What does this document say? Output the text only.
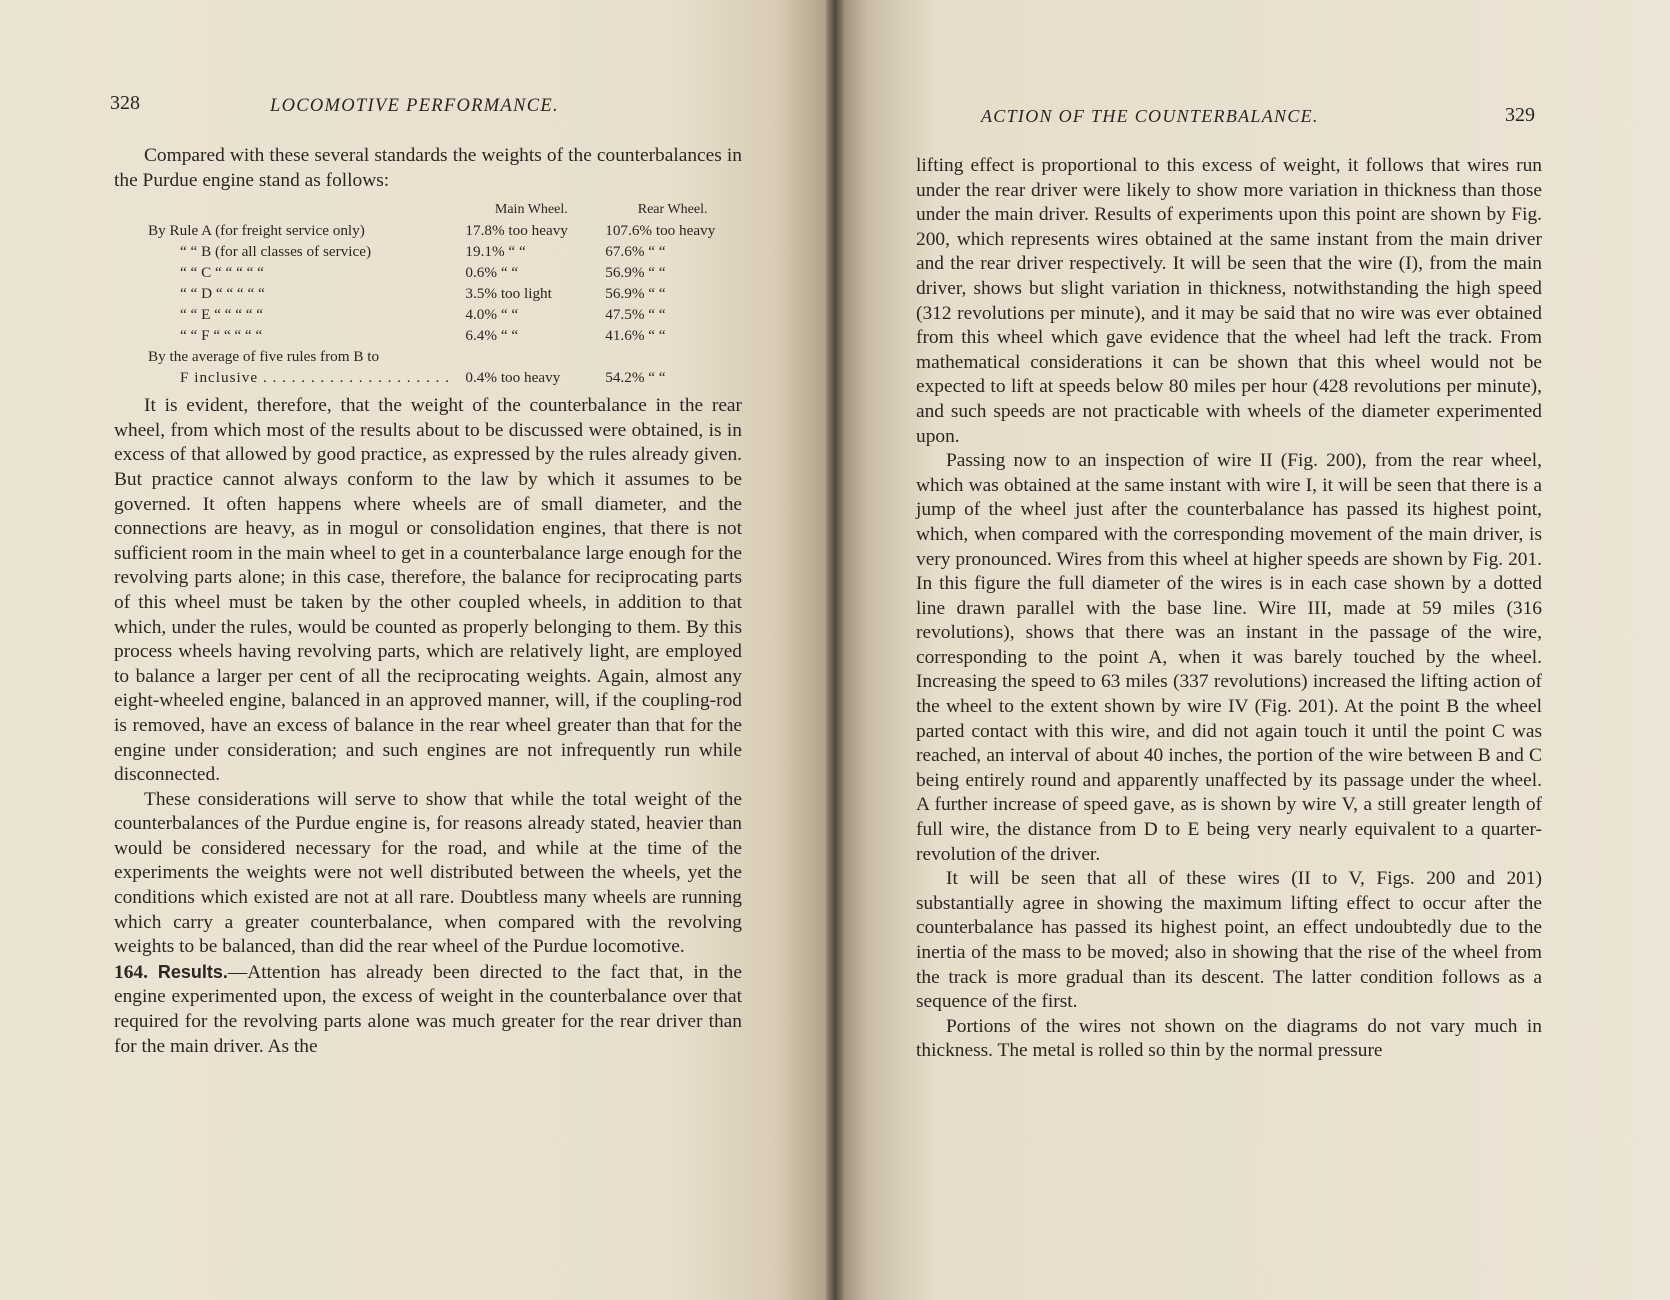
328	LOCOMOTIVE PERFORMANCE.

Compared with these several standards the weights of the counterbalances in the Purdue engine stand as follows:

	Main Wheel.	Rear Wheel.
By Rule A (for freight service only)	17.8% too heavy	107.6% too heavy
“ “ B (for all classes of service)	19.1% “ “	67.6% “ “
“ “ C “ “ “ “ “	0.6% “ “	56.9% “ “
“ “ D “ “ “ “ “	3.5% too light	56.9% “ “
“ “ E “ “ “ “ “	4.0% “ “	47.5% “ “
“ “ F “ “ “ “ “	6.4% “ “	41.6% “ “
By the average of five rules from B to		
F inclusive . . . . . . . . . . . . . . . . . . . .	0.4% too heavy	54.2% “ “

It is evident, therefore, that the weight of the counterbalance in the rear wheel, from which most of the results about to be discussed were obtained, is in excess of that allowed by good practice, as expressed by the rules already given. But practice cannot always conform to the law by which it assumes to be governed. It often happens where wheels are of small diameter, and the connections are heavy, as in mogul or consolidation engines, that there is not sufficient room in the main wheel to get in a counterbalance large enough for the revolving parts alone; in this case, therefore, the balance for reciprocating parts of this wheel must be taken by the other coupled wheels, in addition to that which, under the rules, would be counted as properly belonging to them. By this process wheels having revolving parts, which are relatively light, are employed to balance a larger per cent of all the reciprocating weights. Again, almost any eight-wheeled engine, balanced in an approved manner, will, if the coupling-rod is removed, have an excess of balance in the rear wheel greater than that for the engine under consideration; and such engines are not infrequently run while disconnected.

These considerations will serve to show that while the total weight of the counterbalances of the Purdue engine is, for reasons already stated, heavier than would be considered necessary for the road, and while at the time of the experiments the weights were not well distributed between the wheels, yet the conditions which existed are not at all rare. Doubtless many wheels are running which carry a greater counterbalance, when compared with the revolving weights to be balanced, than did the rear wheel of the Purdue locomotive.

164. Results.—Attention has already been directed to the fact that, in the engine experimented upon, the excess of weight in the counterbalance over that required for the revolving parts alone was much greater for the rear driver than for the main driver. As the

ACTION OF THE COUNTERBALANCE.	329

lifting effect is proportional to this excess of weight, it follows that wires run under the rear driver were likely to show more variation in thickness than those under the main driver. Results of experiments upon this point are shown by Fig. 200, which represents wires obtained at the same instant from the main driver and the rear driver respectively. It will be seen that the wire (I), from the main driver, shows but slight variation in thickness, notwithstanding the high speed (312 revolutions per minute), and it may be said that no wire was ever obtained from this wheel which gave evidence that the wheel had left the track. From mathematical considerations it can be shown that this wheel would not be expected to lift at speeds below 80 miles per hour (428 revolutions per minute), and such speeds are not practicable with wheels of the diameter experimented upon.

Passing now to an inspection of wire II (Fig. 200), from the rear wheel, which was obtained at the same instant with wire I, it will be seen that there is a jump of the wheel just after the counterbalance has passed its highest point, which, when compared with the corresponding movement of the main driver, is very pronounced. Wires from this wheel at higher speeds are shown by Fig. 201. In this figure the full diameter of the wires is in each case shown by a dotted line drawn parallel with the base line. Wire III, made at 59 miles (316 revolutions), shows that there was an instant in the passage of the wire, corresponding to the point A, when it was barely touched by the wheel. Increasing the speed to 63 miles (337 revolutions) increased the lifting action of the wheel to the extent shown by wire IV (Fig. 201). At the point B the wheel parted contact with this wire, and did not again touch it until the point C was reached, an interval of about 40 inches, the portion of the wire between B and C being entirely round and apparently unaffected by its passage under the wheel. A further increase of speed gave, as is shown by wire V, a still greater length of full wire, the distance from D to E being very nearly equivalent to a quarter-revolution of the driver.

It will be seen that all of these wires (II to V, Figs. 200 and 201) substantially agree in showing the maximum lifting effect to occur after the counterbalance has passed its highest point, an effect undoubtedly due to the inertia of the mass to be moved; also in showing that the rise of the wheel from the track is more gradual than its descent. The latter condition follows as a sequence of the first.

Portions of the wires not shown on the diagrams do not vary much in thickness. The metal is rolled so thin by the normal pressure
